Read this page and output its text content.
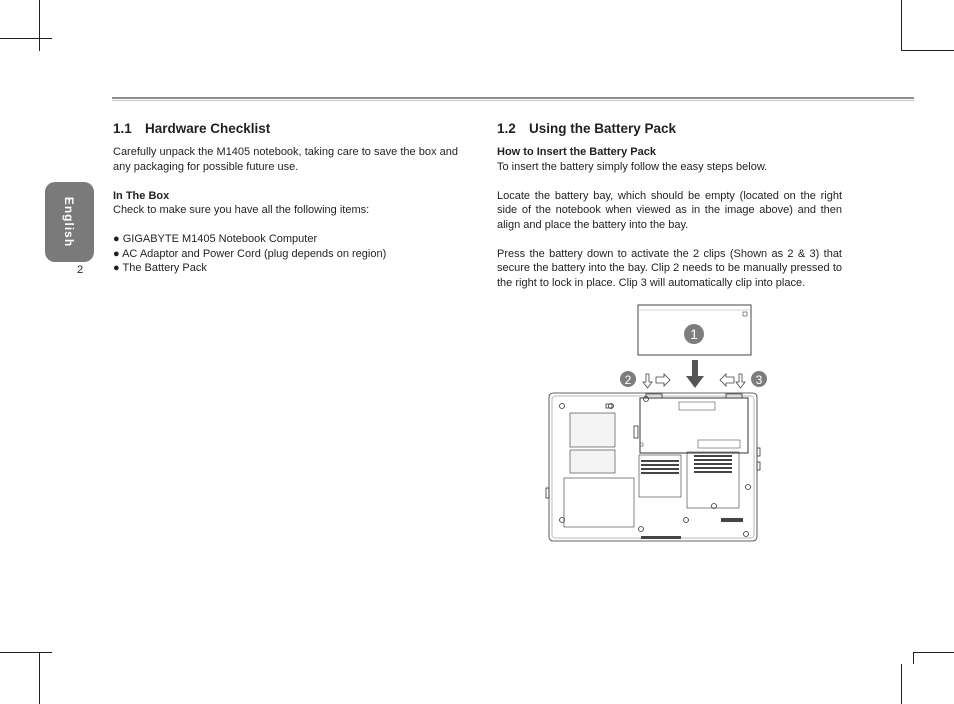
English
2
1.1 Hardware Checklist

Carefully unpack the M1405 notebook, taking care to save the box and any packaging for possible future use.

In The Box
Check to make sure you have all the following items:
● GIGABYTE M1405 Notebook Computer
● AC Adaptor and Power Cord (plug depends on region)
● The Battery Pack
1.2 Using the Battery Pack
How to Insert the Battery Pack
To insert the battery simply follow the easy steps below.

Locate the battery bay, which should be empty (located on the right side of the notebook when viewed as in the image above) and then align and place the battery into the bay.

Press the battery down to activate the 2 clips (Shown as 2 & 3) that secure the battery into the bay. Clip 2 needs to be manually pressed to the right to lock in place. Clip 3 will automatically clip into place.

1
2	3
